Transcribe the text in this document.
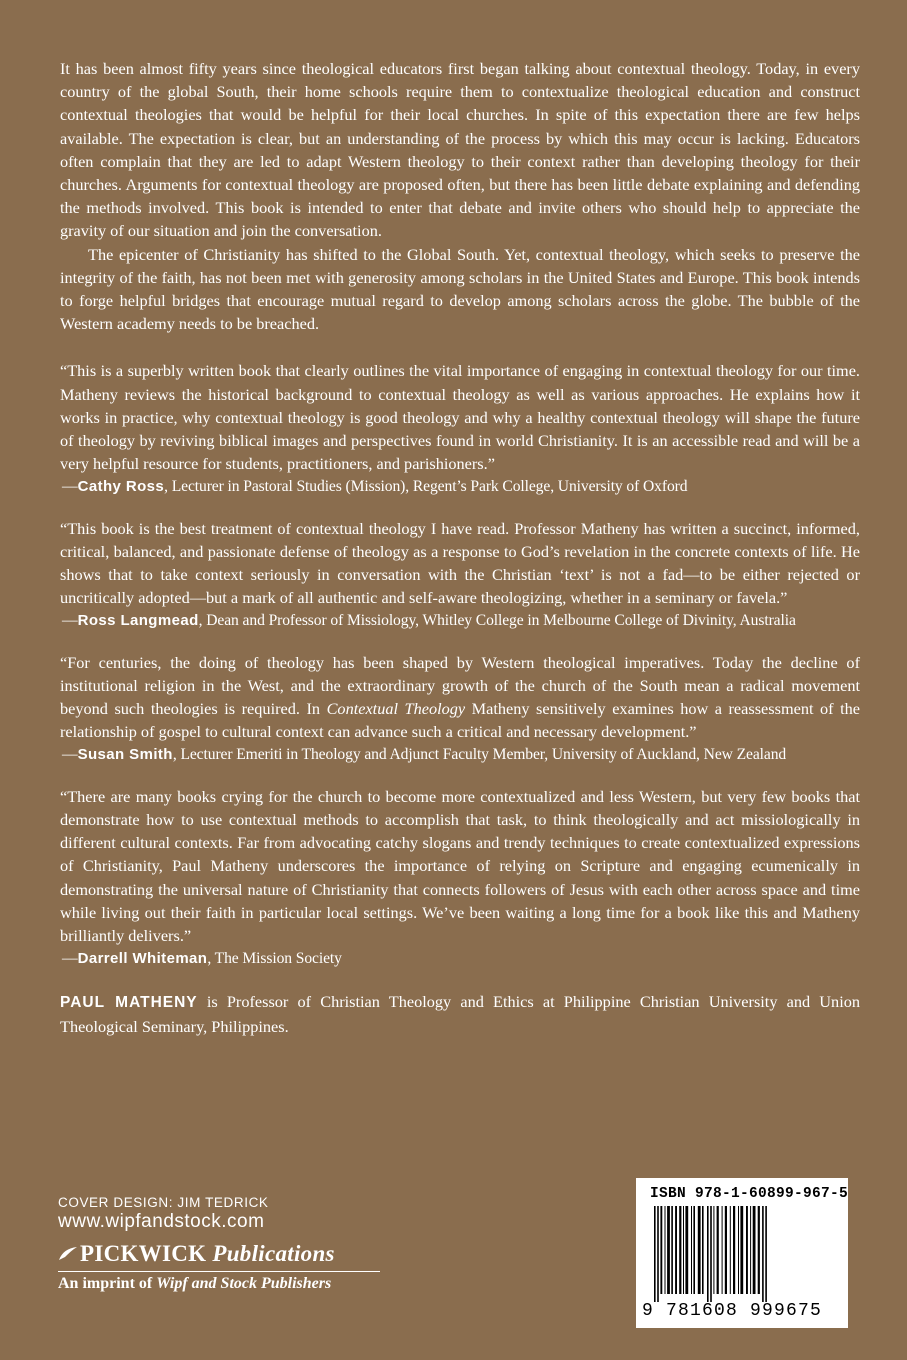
It has been almost fifty years since theological educators first began talking about contextual theology. Today, in every country of the global South, their home schools require them to contextualize theological education and construct contextual theologies that would be helpful for their local churches. In spite of this expectation there are few helps available. The expectation is clear, but an understanding of the process by which this may occur is lacking. Educators often complain that they are led to adapt Western theology to their context rather than developing theology for their churches. Arguments for contextual theology are proposed often, but there has been little debate explaining and defending the methods involved. This book is intended to enter that debate and invite others who should help to appreciate the gravity of our situation and join the conversation.

The epicenter of Christianity has shifted to the Global South. Yet, contextual theology, which seeks to preserve the integrity of the faith, has not been met with generosity among scholars in the United States and Europe. This book intends to forge helpful bridges that encourage mutual regard to develop among scholars across the globe. The bubble of the Western academy needs to be breached.

“This is a superbly written book that clearly outlines the vital importance of engaging in contextual theology for our time. Matheny reviews the historical background to contextual theology as well as various approaches. He explains how it works in practice, why contextual theology is good theology and why a healthy contextual theology will shape the future of theology by reviving biblical images and perspectives found in world Christianity. It is an accessible read and will be a very helpful resource for students, practitioners, and parishioners.”

—Cathy Ross, Lecturer in Pastoral Studies (Mission), Regent’s Park College, University of Oxford

“This book is the best treatment of contextual theology I have read. Professor Matheny has written a succinct, informed, critical, balanced, and passionate defense of theology as a response to God’s revelation in the concrete contexts of life. He shows that to take context seriously in conversation with the Christian ‘text’ is not a fad—to be either rejected or uncritically adopted—but a mark of all authentic and self-aware theologizing, whether in a seminary or favela.”

—Ross Langmead, Dean and Professor of Missiology, Whitley College in Melbourne College of Divinity, Australia

“For centuries, the doing of theology has been shaped by Western theological imperatives. Today the decline of institutional religion in the West, and the extraordinary growth of the church of the South mean a radical movement beyond such theologies is required. In Contextual Theology Matheny sensitively examines how a reassessment of the relationship of gospel to cultural context can advance such a critical and necessary development.”

—Susan Smith, Lecturer Emeriti in Theology and Adjunct Faculty Member, University of Auckland, New Zealand

“There are many books crying for the church to become more contextualized and less Western, but very few books that demonstrate how to use contextual methods to accomplish that task, to think theologically and act missiologically in different cultural contexts. Far from advocating catchy slogans and trendy techniques to create contextualized expressions of Christianity, Paul Matheny underscores the importance of relying on Scripture and engaging ecumenically in demonstrating the universal nature of Christianity that connects followers of Jesus with each other across space and time while living out their faith in particular local settings. We’ve been waiting a long time for a book like this and Matheny brilliantly delivers.”

—Darrell Whiteman, The Mission Society

PAUL MATHENY is Professor of Christian Theology and Ethics at Philippine Christian University and Union Theological Seminary, Philippines.

COVER DESIGN: JIM TEDRICK
www.wipfandstock.com
PICKWICK Publications
An imprint of Wipf and Stock Publishers
ISBN 978-1-60899-967-5
9 781608 999675
